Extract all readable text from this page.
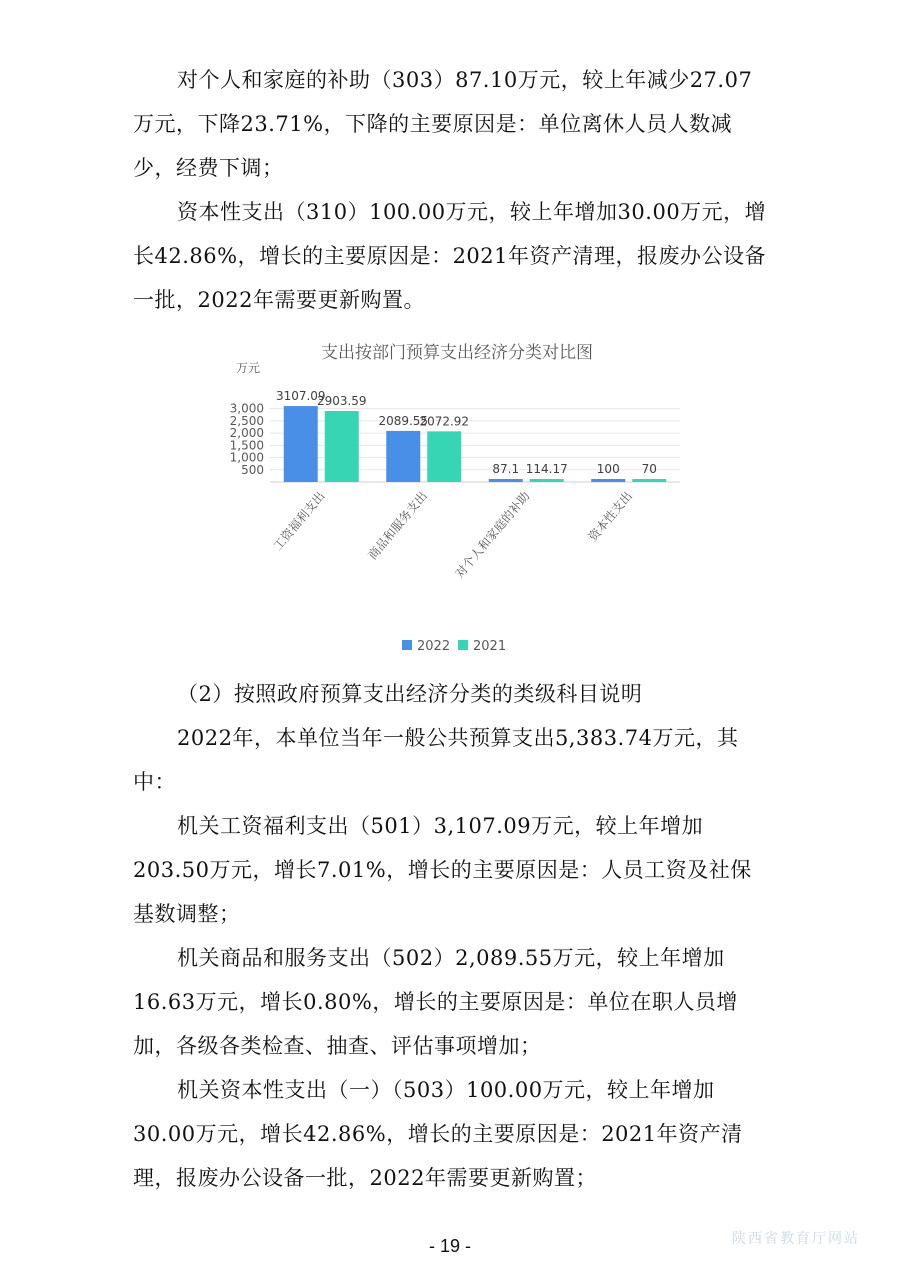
对个人和家庭的补助（303）87.10万元，较上年减少27.07万元，下降23.71%，下降的主要原因是：单位离休人员人数减少，经费下调；

资本性支出（310）100.00万元，较上年增加30.00万元，增长42.86%，增长的主要原因是：2021年资产清理，报废办公设备一批，2022年需要更新购置。

支出按部门预算支出经济分类对比图
万元
500
1,000
1,500
2,000
2,500
3,000
3107.09
2903.59
2089.55
2072.92
87.1 114.17 100 70
工资福利支出	商品和服务支出 对个人和家庭的补助	资本性支出
2022 2021

（2）按照政府预算支出经济分类的类级科目说明

2022年，本单位当年一般公共预算支出5,383.74万元，其中：

机关工资福利支出（501）3,107.09万元，较上年增加203.50万元，增长7.01%，增长的主要原因是：人员工资及社保基数调整；

机关商品和服务支出（502）2,089.55万元，较上年增加16.63万元，增长0.80%，增长的主要原因是：单位在职人员增加，各级各类检查、抽查、评估事项增加；

机关资本性支出（一）（503）100.00万元，较上年增加30.00万元，增长42.86%，增长的主要原因是：2021年资产清理，报废办公设备一批，2022年需要更新购置；

- 19 -	陕西省教育厅网站
